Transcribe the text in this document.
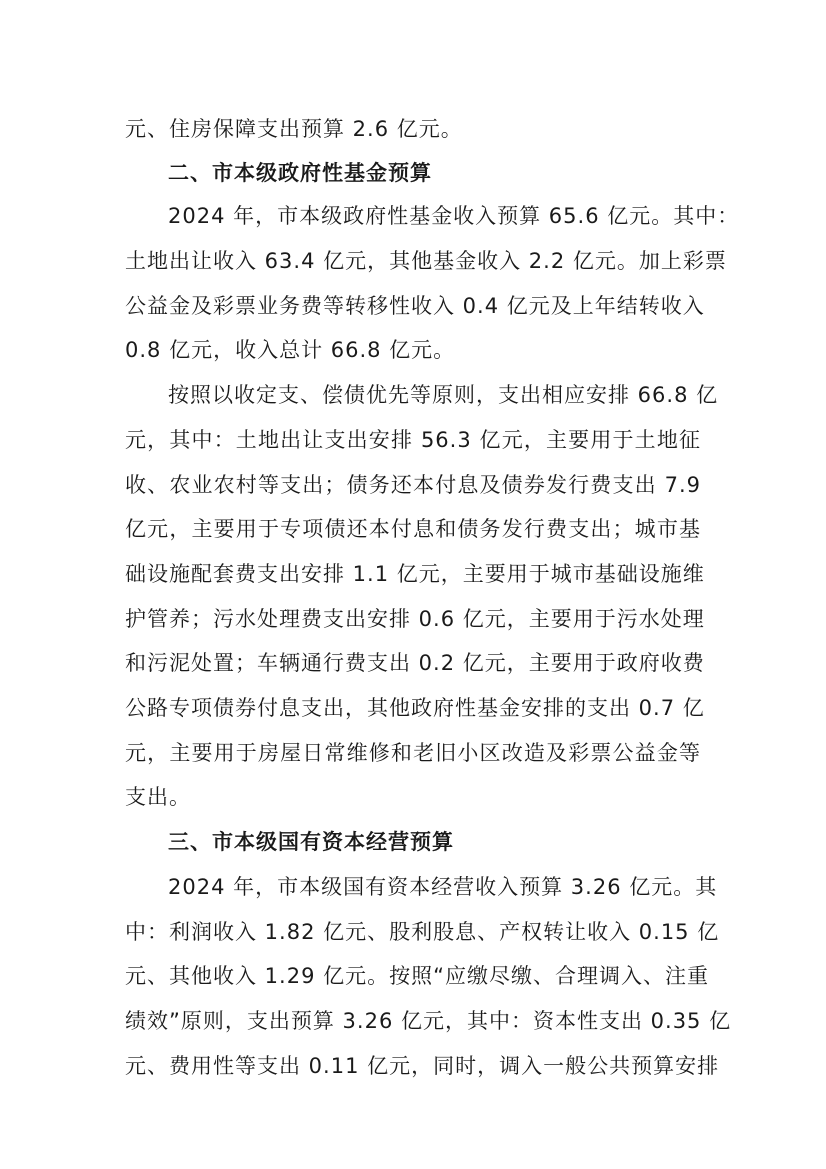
元、住房保障支出预算 2.6 亿元。
二、市本级政府性基金预算
2024 年，市本级政府性基金收入预算 65.6 亿元。其中：
土地出让收入 63.4 亿元，其他基金收入 2.2 亿元。加上彩票
公益金及彩票业务费等转移性收入 0.4 亿元及上年结转收入
0.8 亿元，收入总计 66.8 亿元。
按照以收定支、偿债优先等原则，支出相应安排 66.8 亿
元，其中：土地出让支出安排 56.3 亿元，主要用于土地征
收、农业农村等支出；债务还本付息及债券发行费支出 7.9
亿元，主要用于专项债还本付息和债务发行费支出；城市基
础设施配套费支出安排 1.1 亿元，主要用于城市基础设施维
护管养；污水处理费支出安排 0.6 亿元，主要用于污水处理
和污泥处置；车辆通行费支出 0.2 亿元，主要用于政府收费
公路专项债券付息支出，其他政府性基金安排的支出 0.7 亿
元，主要用于房屋日常维修和老旧小区改造及彩票公益金等
支出。
三、市本级国有资本经营预算
2024 年，市本级国有资本经营收入预算 3.26 亿元。其
中：利润收入 1.82 亿元、股利股息、产权转让收入 0.15 亿
元、其他收入 1.29 亿元。按照“应缴尽缴、合理调入、注重
绩效”原则，支出预算 3.26 亿元，其中：资本性支出 0.35 亿
元、费用性等支出 0.11 亿元，同时，调入一般公共预算安排
